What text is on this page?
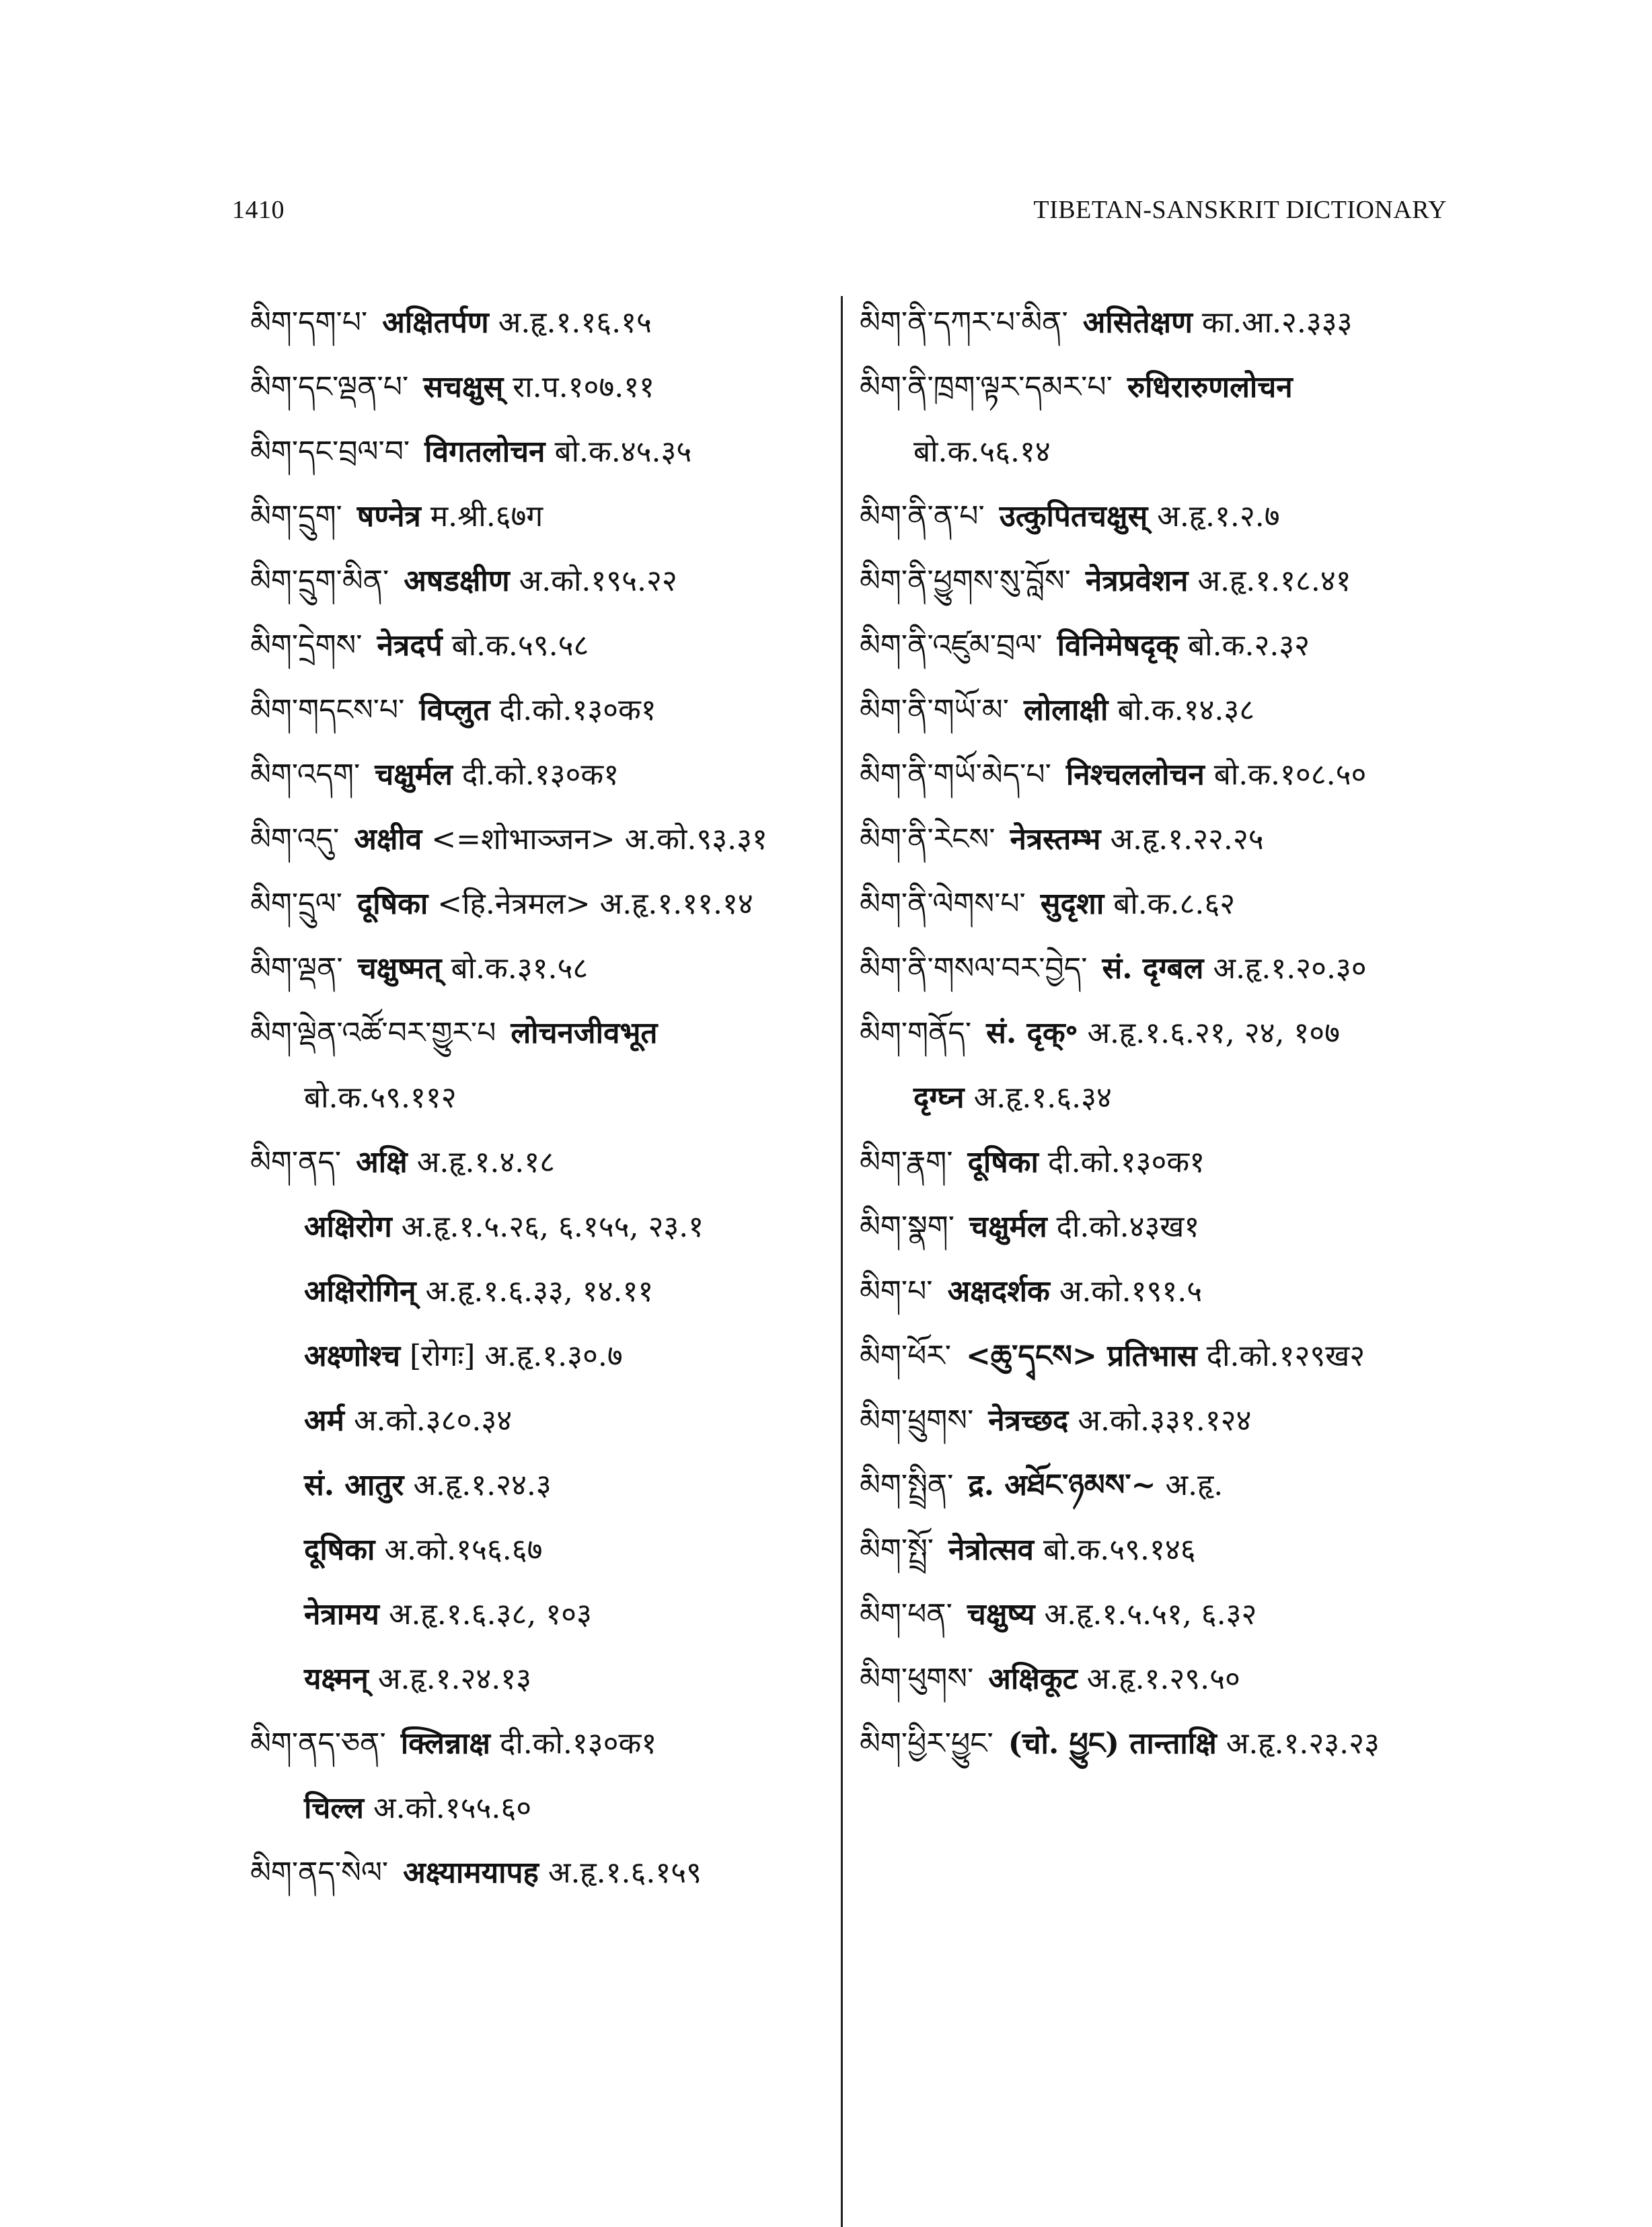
1410	TIBETAN-SANSKRIT DICTIONARY
མིག་དག་པ་ अक्षितर्पण अ.हृ.१.१६.१५
མིག་དང་ལྡན་པ་ सचक्षुस् रा.प.१०७.११
མིག་དང་བྲལ་བ་ विगतलोचन बो.क.४५.३५
མིག་དྲུག་ षण्नेत्र म.श्री.६७ग
མིག་དྲུག་མིན་ अषडक्षीण अ.को.१९५.२२
མིག་དྲེགས་ नेत्रदर्प बो.क.५९.५८
མིག་གདངས་པ་ विप्लुत दी.को.१३०क१
མིག་འདག་ चक्षुर्मल दी.को.१३०क१
མིག་འདུ་ अक्षीव <=शोभाञ्जन> अ.को.९३.३१
མིག་དྲུལ་ दूषिका <हि.नेत्रमल> अ.हृ.१.११.१४
མིག་ལྡན་ चक्षुष्मत् बो.क.३१.५८
མིག་ལྡེན་འཚོ་བར་གྱུར་པ लोचनजीवभूत
बो.क.५९.११२
མིག་ནད་ अक्षि अ.हृ.१.४.१८
अक्षिरोग अ.हृ.१.५.२६, ६.१५५, २३.१
अक्षिरोगिन् अ.हृ.१.६.३३, १४.११
अक्ष्णोश्च [रोगः] अ.हृ.१.३०.७
अर्म अ.को.३८०.३४
सं. आतुर अ.हृ.१.२४.३
दूषिका अ.को.१५६.६७
नेत्रामय अ.हृ.१.६.३८, १०३
यक्ष्मन् अ.हृ.१.२४.१३
མིག་ནད་ཅན་ क्लिन्नाक्ष दी.को.१३०क१
चिल्ल अ.को.१५५.६०
མིག་ནད་སེལ་ अक्ष्यामयापह अ.हृ.१.६.१५९
མིག་ནི་དཀར་པ་མིན་ असितेक्षण का.आ.२.३३३
མིག་ནི་ཁྲག་ལྟར་དམར་པ་ रुधिरारुणलोचन
बो.क.५६.१४
མིག་ནི་ན་པ་ उत्कुपितचक्षुस् अ.हृ.१.२.७
མིག་ནི་ཕྱུགས་སུ་བློས་ नेत्रप्रवेशन अ.हृ.१.१८.४१
མིག་ནི་འཛུམ་བྲལ་ विनिमेषदृक् बो.क.२.३२
མིག་ནི་གཡོ་མ་ लोलाक्षी बो.क.१४.३८
མིག་ནི་གཡོ་མེད་པ་ निश्चललोचन बो.क.१०८.५०
མིག་ནི་རེངས་ नेत्रस्तम्भ अ.हृ.१.२२.२५
མིག་ནི་ལེགས་པ་ सुदृशा बो.क.८.६२
མིག་ནི་གསལ་བར་བྱེད་ सं. दृग्बल अ.हृ.१.२०.३०
མིག་གནོད་ सं. दृक्॰ अ.हृ.१.६.२१, २४, १०७
दृग्घ्न अ.हृ.१.६.३४
མིག་རྣག་ दूषिका दी.को.१३०क१
མིག་སྣག་ चक्षुर्मल दी.को.४३ख१
མིག་པ་ अक्षदर्शक अ.को.१९१.५
མིག་ཕོར་ <ཆུ་དྭངས> प्रतिभास दी.को.१२९ख२
མིག་ཕྲུགས་ नेत्रच्छद अ.को.३३१.१२४
མིག་སྤྲིན་ द्र. अཐོང་ཉམས་~ अ.हृ.
མིག་སྤྲོ་ नेत्रोत्सव बो.क.५९.१४६
མིག་ཕན་ चक्षुष्य अ.हृ.१.५.५१, ६.३२
མིག་ཕུགས་ अक्षिकूट अ.हृ.१.२९.५०
མིག་ཕྱིར་ཕྱུང་ (चो. ཕྱུང) तान्ताक्षि अ.हृ.१.२३.२३
